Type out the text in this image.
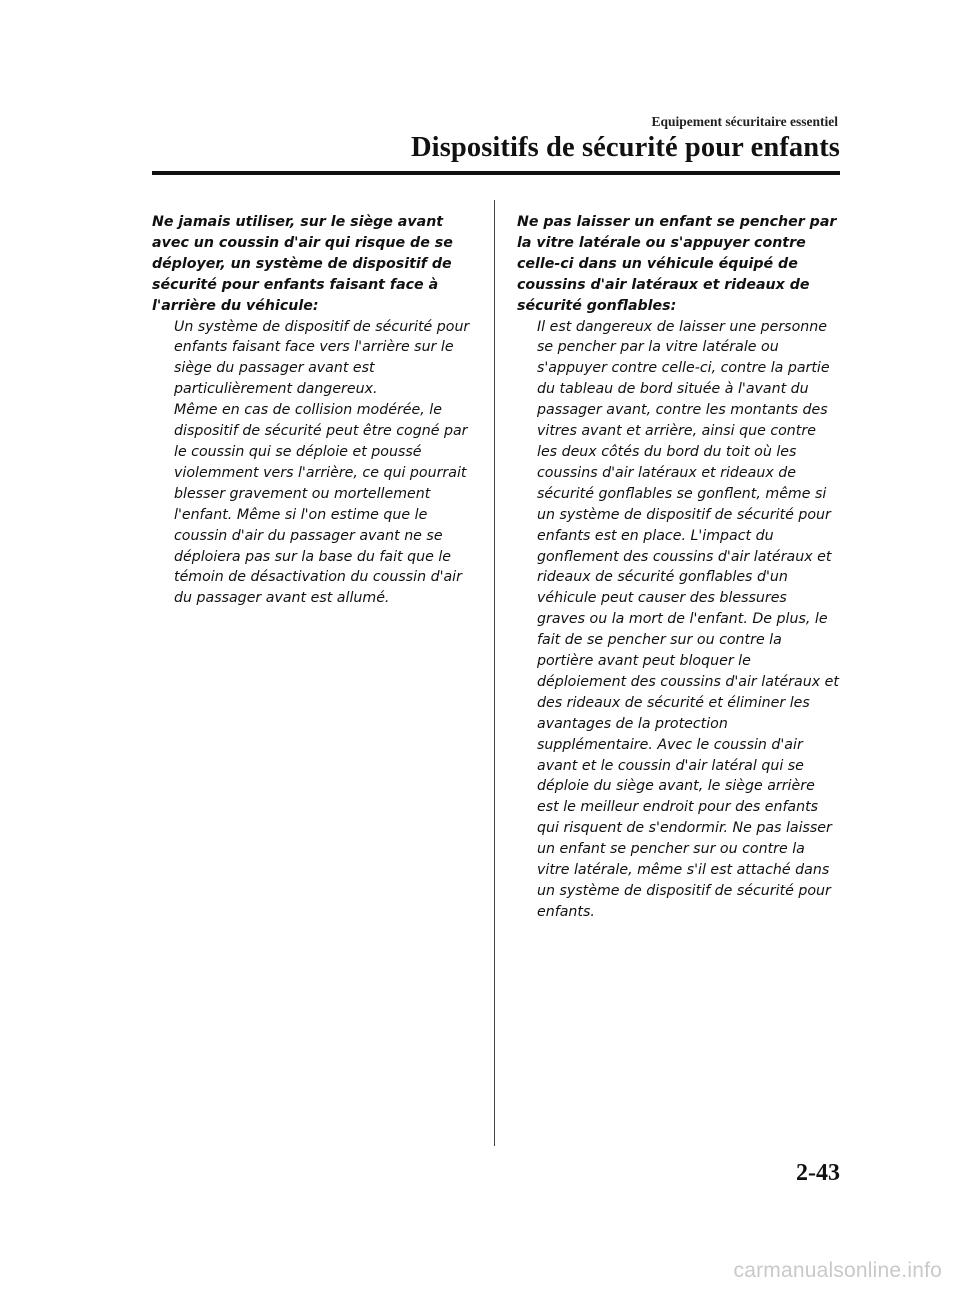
Equipement sécuritaire essentiel
Dispositifs de sécurité pour enfants

Ne jamais utiliser, sur le siège avant avec un coussin d'air qui risque de se déployer, un système de dispositif de sécurité pour enfants faisant face à l'arrière du véhicule:

Un système de dispositif de sécurité pour enfants faisant face vers l'arrière sur le siège du passager avant est particulièrement dangereux.

Même en cas de collision modérée, le dispositif de sécurité peut être cogné par le coussin qui se déploie et poussé violemment vers l'arrière, ce qui pourrait blesser gravement ou mortellement l'enfant. Même si l'on estime que le coussin d'air du passager avant ne se déploiera pas sur la base du fait que le témoin de désactivation du coussin d'air du passager avant est allumé.

Ne pas laisser un enfant se pencher par la vitre latérale ou s'appuyer contre celle-ci dans un véhicule équipé de coussins d'air latéraux et rideaux de sécurité gonflables:

Il est dangereux de laisser une personne se pencher par la vitre latérale ou s'appuyer contre celle-ci, contre la partie du tableau de bord située à l'avant du passager avant, contre les montants des vitres avant et arrière, ainsi que contre les deux côtés du bord du toit où les coussins d'air latéraux et rideaux de sécurité gonflables se gonflent, même si un système de dispositif de sécurité pour enfants est en place. L'impact du gonflement des coussins d'air latéraux et rideaux de sécurité gonflables d'un véhicule peut causer des blessures graves ou la mort de l'enfant. De plus, le fait de se pencher sur ou contre la portière avant peut bloquer le déploiement des coussins d'air latéraux et des rideaux de sécurité et éliminer les avantages de la protection supplémentaire. Avec le coussin d'air avant et le coussin d'air latéral qui se déploie du siège avant, le siège arrière est le meilleur endroit pour des enfants qui risquent de s'endormir. Ne pas laisser un enfant se pencher sur ou contre la vitre latérale, même s'il est attaché dans un système de dispositif de sécurité pour enfants.

2-43
carmanualsonline.info
